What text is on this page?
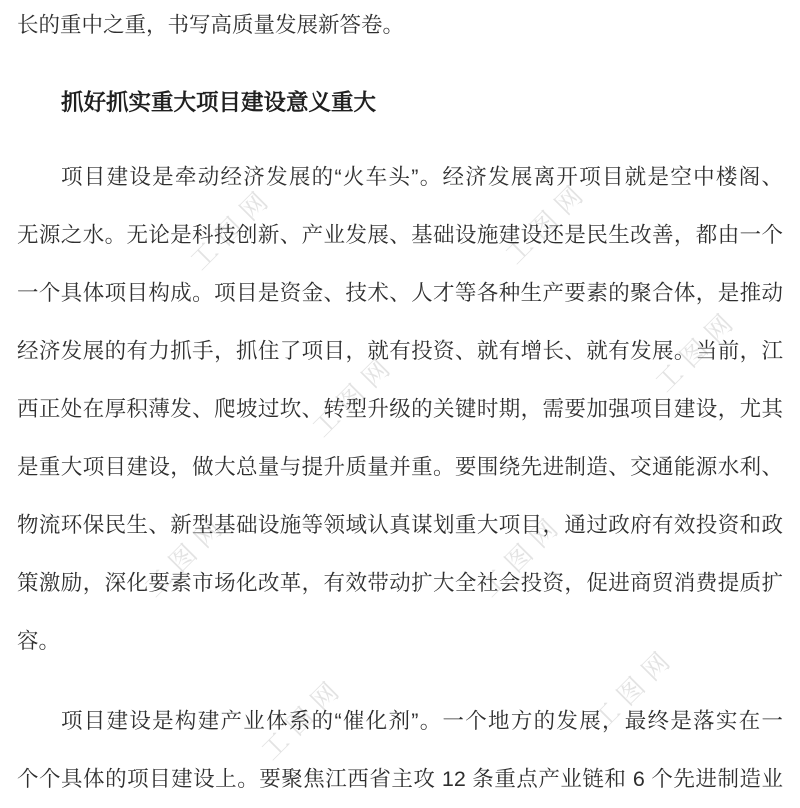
工图网	工图网
工图网	工图网
工图网	工图网
工图网	工图网
长的重中之重，书写高质量发展新答卷。
抓好抓实重大项目建设意义重大
项目建设是牵动经济发展的“火车头”。经济发展离开项目就是空中楼阁、
无源之水。无论是科技创新、产业发展、基础设施建设还是民生改善，都由一个
一个具体项目构成。项目是资金、技术、人才等各种生产要素的聚合体，是推动
经济发展的有力抓手，抓住了项目，就有投资、就有增长、就有发展。当前，江
西正处在厚积薄发、爬坡过坎、转型升级的关键时期，需要加强项目建设，尤其
是重大项目建设，做大总量与提升质量并重。要围绕先进制造、交通能源水利、
物流环保民生、新型基础设施等领域认真谋划重大项目，通过政府有效投资和政
策激励，深化要素市场化改革，有效带动扩大全社会投资，促进商贸消费提质扩
容。
项目建设是构建产业体系的“催化剂”。一个地方的发展，最终是落实在一
个个具体的项目建设上。要聚焦江西省主攻 12 条重点产业链和 6 个先进制造业
